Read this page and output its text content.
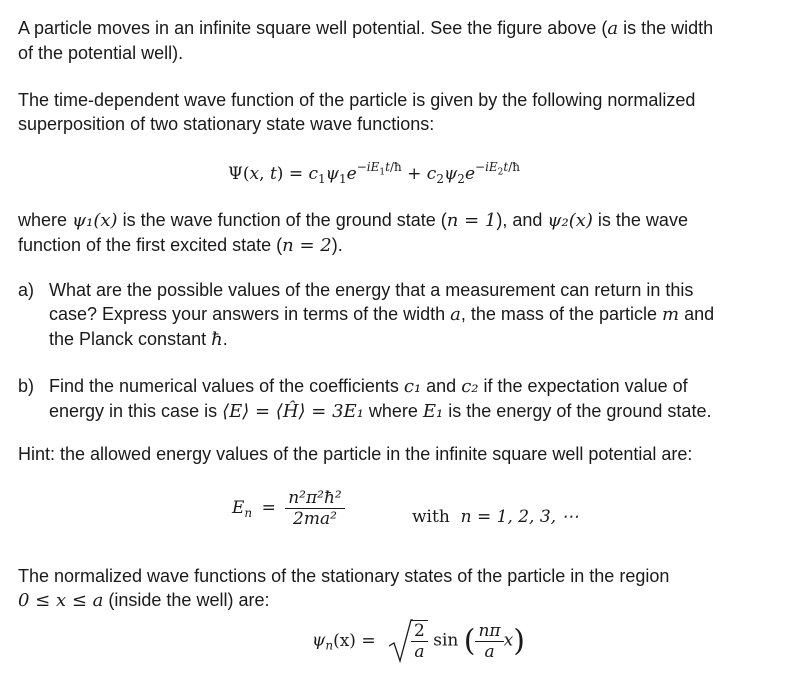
A particle moves in an infinite square well potential. See the figure above (a is the width
of the potential well).

The time-dependent wave function of the particle is given by the following normalized
superposition of two stationary state wave functions:

Ψ(x, $t) = c_1\psi_1e^{-iE_1t/ħ} + c_2\psi_2e^{-iE_2t/ħ}$

where ψ₁(x) is the wave function of the ground state (n = 1), and ψ₂(x) is the wave
function of the first excited state (n = 2).

a) What are the possible values of the energy that a measurement can return in this
case? Express your answers in terms of the width a, the mass of the particle m and
the Planck constant ħ.
b) Find the numerical values of the coefficients c₁ and c₂ if the expectation value of
energy in this case is ⟨E⟩ = ⟨Ĥ⟩ = 3E₁ where E₁ is the energy of the ground state.

Hint: the allowed energy values of the particle in the infinite square well potential are:

$E_n = \frac{\text{n²π²ħ²}}{\text{2ma²}}$	with n = 1, 2, 3, ⋯

The normalized wave functions of the stationary states of the particle in the region
0 ≤ x ≤ a (inside the well) are:

$\psi_n(x) = \frac{2}{a}$ sin ( $\frac{n\pi}{a} x$)
